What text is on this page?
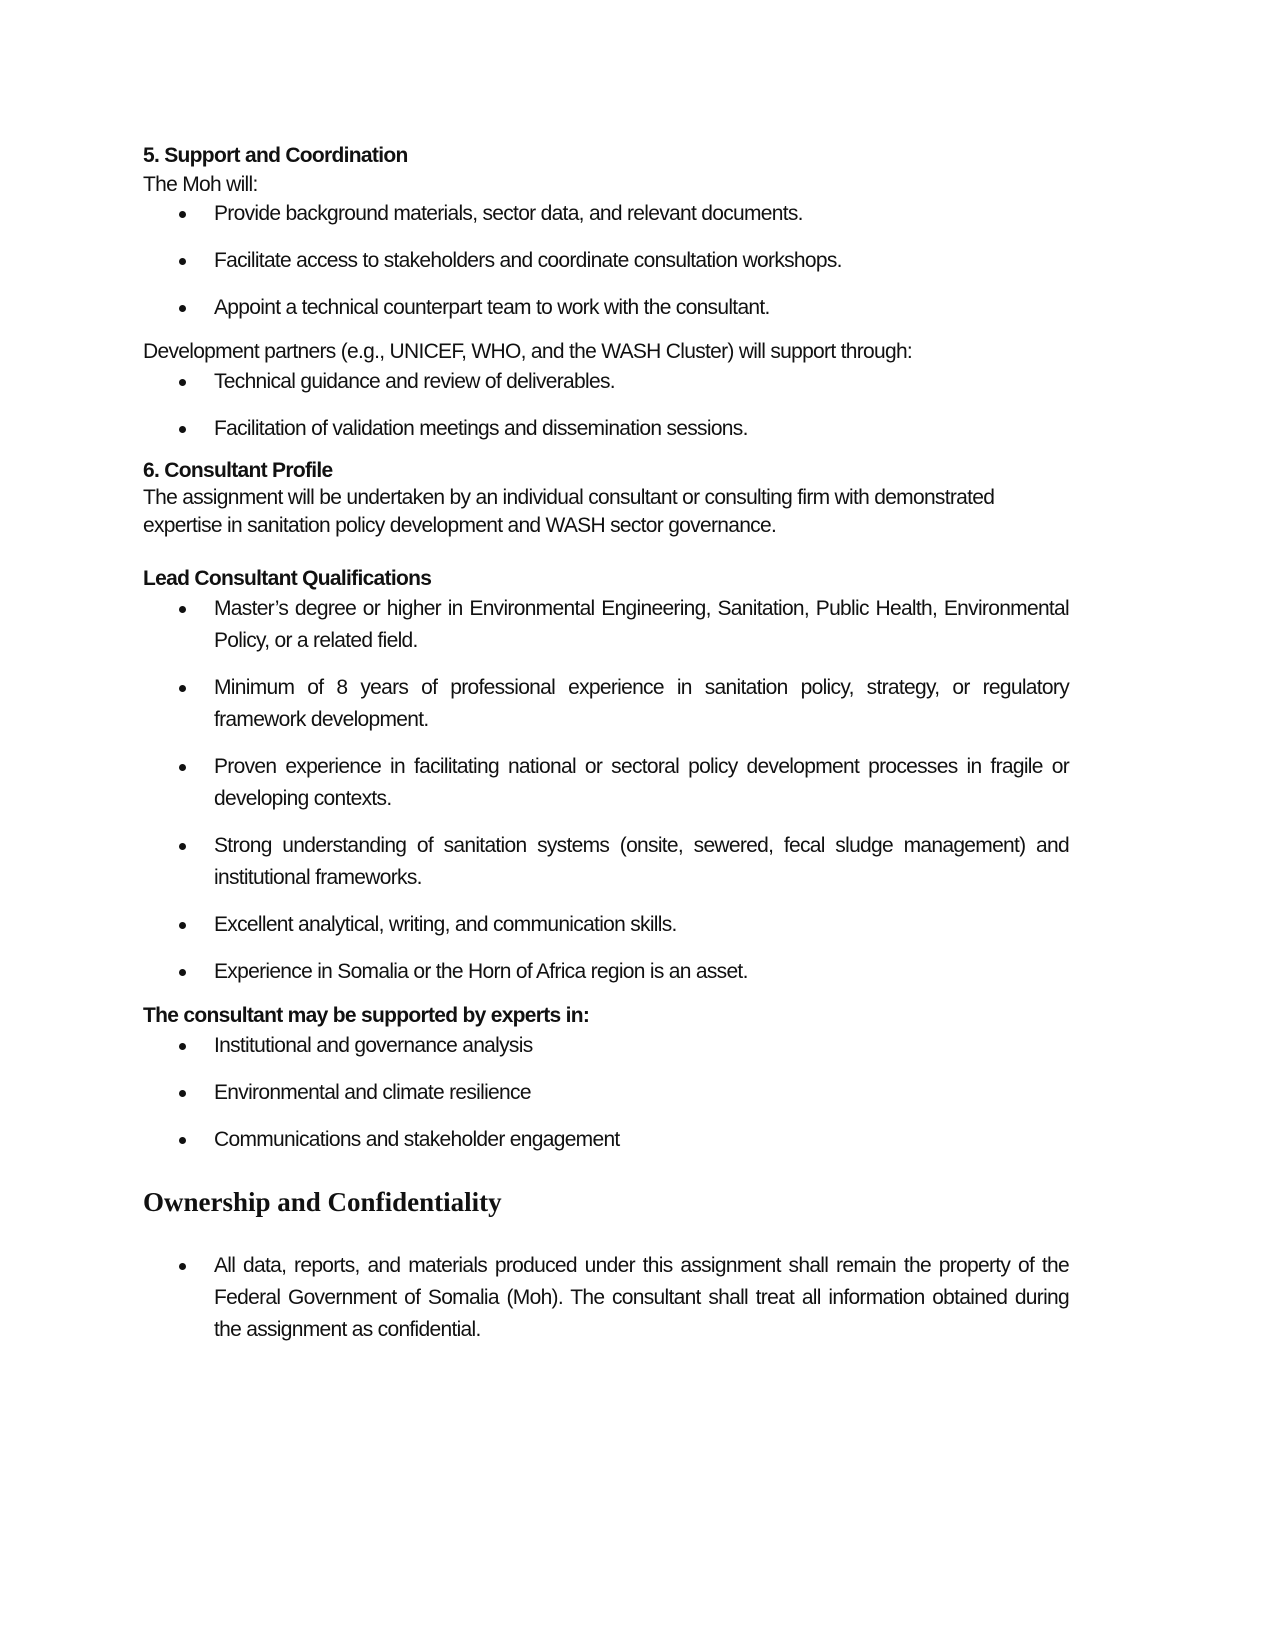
5. Support and Coordination

The Moh will:

Provide background materials, sector data, and relevant documents.
Facilitate access to stakeholders and coordinate consultation workshops.
Appoint a technical counterpart team to work with the consultant.

Development partners (e.g., UNICEF, WHO, and the WASH Cluster) will support through:

Technical guidance and review of deliverables.
Facilitation of validation meetings and dissemination sessions.
6. Consultant Profile

The assignment will be undertaken by an individual consultant or consulting firm with demonstrated expertise in sanitation policy development and WASH sector governance.

Lead Consultant Qualifications
Master’s degree or higher in Environmental Engineering, Sanitation, Public Health, Environmental Policy, or a related field.
Minimum of 8 years of professional experience in sanitation policy, strategy, or regulatory framework development.
Proven experience in facilitating national or sectoral policy development processes in fragile or developing contexts.
Strong understanding of sanitation systems (onsite, sewered, fecal sludge management) and institutional frameworks.
Excellent analytical, writing, and communication skills.
Experience in Somalia or the Horn of Africa region is an asset.
The consultant may be supported by experts in:
Institutional and governance analysis
Environmental and climate resilience
Communications and stakeholder engagement
Ownership and Confidentiality
All data, reports, and materials produced under this assignment shall remain the property of the Federal Government of Somalia (Moh). The consultant shall treat all information obtained during the assignment as confidential.
